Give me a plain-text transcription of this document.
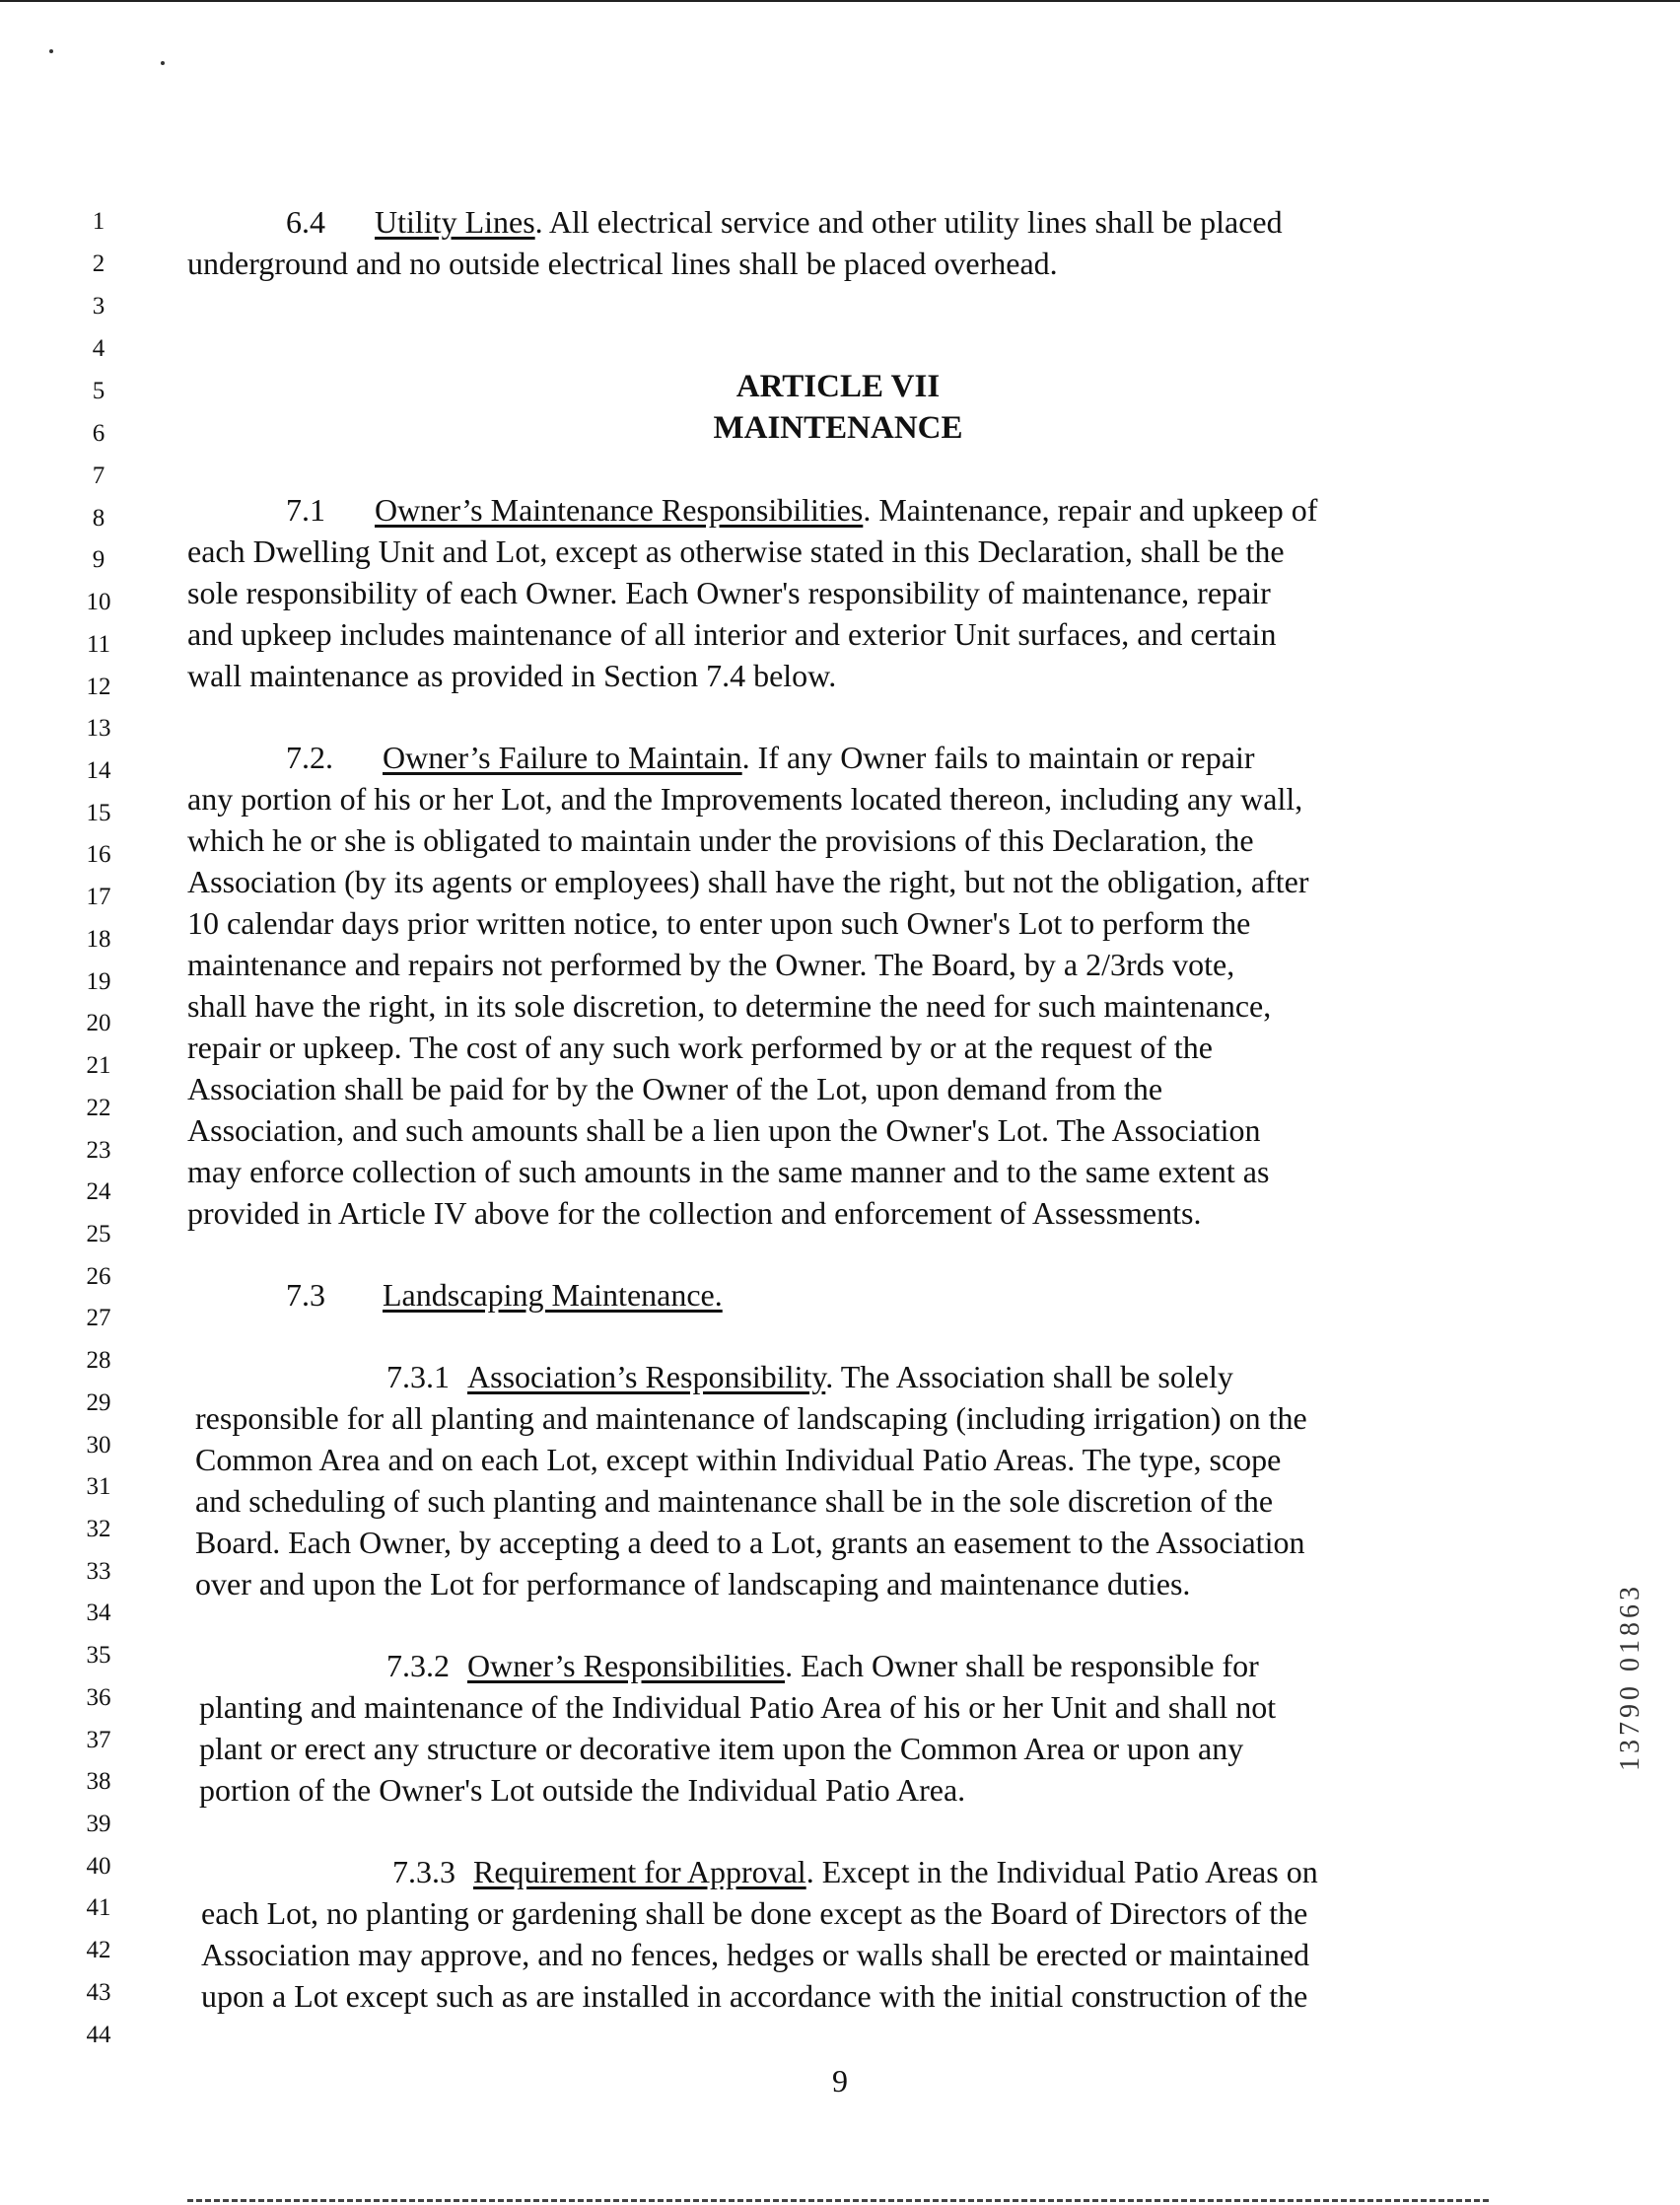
1
2
3
4
5
6
7
8
9
10
11
12
13
14
15
16
17
18
19
20
21
22
23
24
25
26
27
28
29
30
31
32
33
34
35
36
37
38
39
40
41
42
43
44
6.4 Utility Lines. All electrical service and other utility lines shall be placed
underground and no outside electrical lines shall be placed overhead.
ARTICLE VII
MAINTENANCE
7.1 Owner’s Maintenance Responsibilities. Maintenance, repair and upkeep of
each Dwelling Unit and Lot, except as otherwise stated in this Declaration, shall be the
sole responsibility of each Owner. Each Owner's responsibility of maintenance, repair
and upkeep includes maintenance of all interior and exterior Unit surfaces, and certain
wall maintenance as provided in Section 7.4 below.
7.2. Owner’s Failure to Maintain. If any Owner fails to maintain or repair
any portion of his or her Lot, and the Improvements located thereon, including any wall,
which he or she is obligated to maintain under the provisions of this Declaration, the
Association (by its agents or employees) shall have the right, but not the obligation, after
10 calendar days prior written notice, to enter upon such Owner's Lot to perform the
maintenance and repairs not performed by the Owner. The Board, by a 2/3rds vote,
shall have the right, in its sole discretion, to determine the need for such maintenance,
repair or upkeep. The cost of any such work performed by or at the request of the
Association shall be paid for by the Owner of the Lot, upon demand from the
Association, and such amounts shall be a lien upon the Owner's Lot. The Association
may enforce collection of such amounts in the same manner and to the same extent as
provided in Article IV above for the collection and enforcement of Assessments.
7.3 Landscaping Maintenance.
7.3.1 Association’s Responsibility. The Association shall be solely
responsible for all planting and maintenance of landscaping (including irrigation) on the
Common Area and on each Lot, except within Individual Patio Areas. The type, scope
and scheduling of such planting and maintenance shall be in the sole discretion of the
Board. Each Owner, by accepting a deed to a Lot, grants an easement to the Association
over and upon the Lot for performance of landscaping and maintenance duties.
7.3.2 Owner’s Responsibilities. Each Owner shall be responsible for
planting and maintenance of the Individual Patio Area of his or her Unit and shall not
plant or erect any structure or decorative item upon the Common Area or upon any
portion of the Owner's Lot outside the Individual Patio Area.
7.3.3 Requirement for Approval. Except in the Individual Patio Areas on
each Lot, no planting or gardening shall be done except as the Board of Directors of the
Association may approve, and no fences, hedges or walls shall be erected or maintained
upon a Lot except such as are installed in accordance with the initial construction of the
9
13790 01863
